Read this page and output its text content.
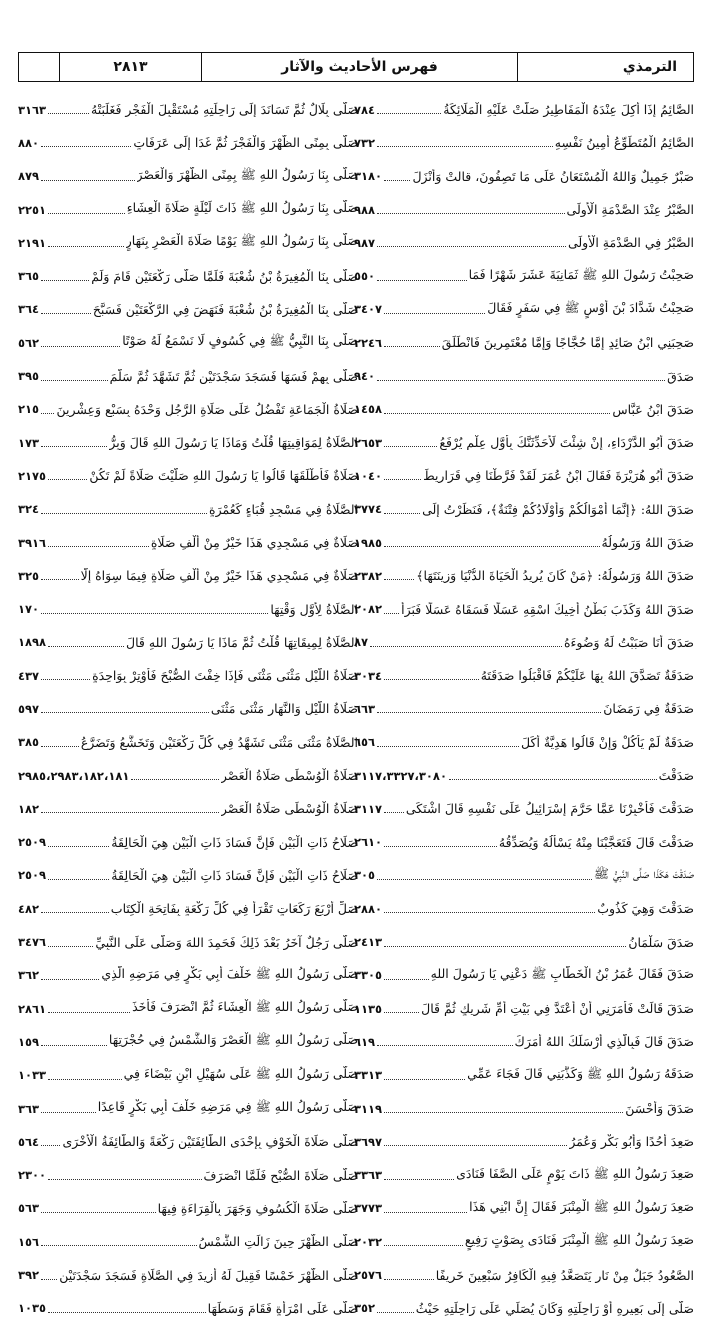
الترمذي
فهرس الأحاديث والآثار
٢٨١٣
الصَّائِمُ إِذَا أُكِلَ عِنْدَهُ الْمَفَاطِيرُ صَلَّتْ عَلَيْهِ الْمَلَائِكَةُ
٧٨٤
الصَّائِمُ الْمُتَطَوِّعُ أَمِينُ نَفْسِهِ
٧٣٢
صَبْرٌ جَمِيلٌ وَاللهُ الْمُسْتَعَانُ عَلَى مَا تَصِفُونَ، قالتْ وَأَنْزَلَ
٣١٨٠
الصَّبْرُ عِنْدَ الصَّدْمَةِ الْأُولَى
٩٨٨
الصَّبْرُ فِي الصَّدْمَةِ الْأُولَى
٩٨٧
صَحِبْتُ رَسُولَ اللهِ ﷺ ثَمَانِيَةَ عَشَرَ شَهْرًا فَمَا
٥٥٠
صَحِبْتُ شَدَّادَ بْنَ أَوْسٍ ﷺ فِي سَفَرٍ فَقَالَ
٣٤٠٧
صَحِبَنِي ابْنُ صَائِدٍ إِمَّا حُجَّاجًا وَإِمَّا مُعْتَمِرِينَ فَانْطَلَقَ
٢٢٤٦
صَدَقَ
٩٤٠
صَدَقَ ابْنُ عَبَّاسٍ
١٤٥٨
صَدَقَ أَبُو الدَّرْدَاءِ، إِنْ شِئْتَ لَأُحَدِّثَنَّكَ بِأَوَّلِ عِلْمٍ يُرْفَعُ
٢٦٥٣
صَدَقَ أَبُو هُرَيْرَةَ فَقَالَ ابْنُ عُمَرَ لَقَدْ فَرَّطْنَا فِي قَرَارِيطَ
١٠٤٠
صَدَقَ اللهُ: ﴿إِنَّمَا أَمْوَالُكُمْ وَأَوْلَادُكُمْ فِتْنَةٌ﴾، فَنَظَرْتُ إِلَى
٣٧٧٤
صَدَقَ اللهُ وَرَسُولُهُ
١٩٨٥
صَدَقَ اللهُ وَرَسُولُهُ: ﴿مَنْ كَانَ يُرِيدُ الْحَيَاةَ الدُّنْيَا وَزِينَتَهَا﴾
٢٣٨٢
صَدَقَ اللهُ وَكَذَبَ بَطْنُ أَخِيكَ اسْقِهِ عَسَلًا فَسَقَاهُ عَسَلًا فَبَرَأَ
٢٠٨٢
صَدَقَ أَنَا صَبَبْتُ لَهُ وَضُوءَهُ
٨٧
صَدَقَةٌ تَصَدَّقَ اللهُ بِهَا عَلَيْكُمْ فَاقْبَلُوا صَدَقَتَهُ
٣٠٣٤
صَدَقَةٌ فِي رَمَضَانَ
٦٦٣
صَدَقَةٌ لَمْ يَأْكُلْ وَإِنْ قَالُوا هَدِيَّةٌ أَكَلَ
٦٥٦
صَدَقْتَ
٣١١٧،٣٣٢٧،٣٠٨٠
صَدَقْتَ فَأَخْبِرْنَا عَمَّا حَرَّمَ إِسْرَائِيلُ عَلَى نَفْسِهِ قَالَ اشْتَكَى
٣١١٧
صَدَقْتَ قَالَ فَتَعَجَّبْنَا مِنْهُ يَسْأَلُهُ وَيُصَدِّقُهُ
٢٦١٠
صَدَقْتَ هَكَذَا صَلَّى النَّبِيُّ ﷺ
٣٠٥
صَدَقْتَ وَهِيَ كَذُوبٌ
٢٨٨٠
صَدَقَ سَلْمَانُ
٢٤١٣
صَدَقَ فَقَالَ عُمَرُ بْنُ الْخَطَّابِ ﷺ دَعْنِي يَا رَسُولَ اللهِ
٣٣٠٥
صَدَقَ قَالَتْ فَأَمَرَنِي أَنْ أَعْتَدَّ فِي بَيْتِ أُمِّ شَرِيكٍ ثُمَّ قَالَ
١١٣٥
صَدَقَ قَالَ فَبِالَّذِي أَرْسَلَكَ اللهُ أَمَرَكَ
٦١٩
صَدَقَهُ رَسُولُ اللهِ ﷺ وَكَذَّبَنِي قَالَ فَجَاءَ عَمِّي
٣٣١٣
صَدَقَ وَأَحْسَنَ
٣١١٩
صَعِدَ أُحُدًا وَأَبُو بَكْرٍ وَعُمَرُ
٣٦٩٧
صَعِدَ رَسُولُ اللهِ ﷺ ذَاتَ يَوْمٍ عَلَى الصَّفَا فَنَادَى
٣٣٦٣
صَعِدَ رَسُولُ اللهِ ﷺ الْمِنْبَرَ فَقَالَ إِنَّ ابْنِي هَذَا
٣٧٧٣
صَعِدَ رَسُولُ اللهِ ﷺ الْمِنْبَرَ فَنَادَى بِصَوْتٍ رَفِيعٍ
٢٠٣٢
الصَّعُودُ جَبَلٌ مِنْ نَارٍ يَتَصَعَّدُ فِيهِ الْكَافِرُ سَبْعِينَ خَرِيفًا
٢٥٧٦
صَلَّى إِلَى بَعِيرِهِ أَوْ رَاحِلَتِهِ وَكَانَ يُصَلِّي عَلَى رَاحِلَتِهِ حَيْثُ
٣٥٢
صَلَّى بِلَالٌ ثُمَّ تَسَانَدَ إِلَى رَاحِلَتِهِ مُسْتَقْبِلَ الْفَجْرِ فَغَلَبَتْهُ
٣١٦٣
صَلَّى بِمِنًى الظُّهْرَ وَالْفَجْرَ ثُمَّ غَدَا إِلَى عَرَفَاتٍ
٨٨٠
صَلَّى بِنَا رَسُولُ اللهِ ﷺ بِمِنًى الظُّهْرَ وَالْعَصْرَ
٨٧٩
صَلَّى بِنَا رَسُولُ اللهِ ﷺ ذَاتَ لَيْلَةٍ صَلَاةَ الْعِشَاءِ
٢٢٥١
صَلَّى بِنَا رَسُولُ اللهِ ﷺ يَوْمًا صَلَاةَ الْعَصْرِ بِنَهَارٍ
٢١٩١
صَلَّى بِنَا الْمُغِيرَةُ بْنُ شُعْبَةَ فَلَمَّا صَلَّى رَكْعَتَيْنِ قَامَ وَلَمْ
٣٦٥
صَلَّى بِنَا الْمُغِيرَةُ بْنُ شُعْبَةَ فَنَهَضَ فِي الرَّكْعَتَيْنِ فَسَبَّحَ
٣٦٤
صَلَّى بِنَا النَّبِيُّ ﷺ فِي كُسُوفٍ لَا نَسْمَعُ لَهُ صَوْتًا
٥٦٢
صَلَّى بِهِمْ فَسَهَا فَسَجَدَ سَجْدَتَيْنِ ثُمَّ تَشَهَّدَ ثُمَّ سَلَّمَ
٣٩٥
صَلَاةُ الْجَمَاعَةِ تَفْضُلُ عَلَى صَلَاةِ الرَّجُلِ وَحْدَهُ بِسَبْعٍ وَعِشْرِينَ
٢١٥
الصَّلَاةُ لِمَوَاقِيتِهَا قُلْتُ وَمَاذَا يَا رَسُولَ اللهِ قَالَ وَبِرُّ
١٧٣
صَلَاةٌ فَأَطْلَقَهَا قَالُوا يَا رَسُولَ اللهِ صَلَّيْتَ صَلَاةً لَمْ تَكُنْ
٢١٧٥
الصَّلَاةُ فِي مَسْجِدِ قُبَاءٍ كَعُمْرَةٍ
٣٢٤
صَلَاةٌ فِي مَسْجِدِي هَذَا خَيْرٌ مِنْ أَلْفِ صَلَاةٍ
٣٩١٦
صَلَاةٌ فِي مَسْجِدِي هَذَا خَيْرٌ مِنْ أَلْفِ صَلَاةٍ فِيمَا سِوَاهُ إِلَّا
٣٢٥
الصَّلَاةُ لِأَوَّلِ وَقْتِهَا
١٧٠
الصَّلَاةُ لِمِيقَاتِهَا قُلْتُ ثُمَّ مَاذَا يَا رَسُولَ اللهِ قَالَ
١٨٩٨
صَلَاةُ اللَّيْلِ مَثْنَى مَثْنَى فَإِذَا خِفْتَ الصُّبْحَ فَأَوْتِرْ بِوَاحِدَةٍ
٤٣٧
صَلَاةُ اللَّيْلِ وَالنَّهَارِ مَثْنَى مَثْنَى
٥٩٧
الصَّلَاةُ مَثْنَى مَثْنَى تَشَهَّدُ فِي كُلِّ رَكْعَتَيْنِ وَتَخَشَّعُ وَتَضَرَّعُ
٣٨٥
صَلَاةُ الْوُسْطَى صَلَاةُ الْعَصْرِ
٢٩٨٥،٢٩٨٣،١٨٢،١٨١
صَلَاةُ الْوُسْطَى صَلَاةُ الْعَصْرِ
١٨٢
صَلَاحُ ذَاتِ الْبَيْنِ فَإِنَّ فَسَادَ ذَاتِ الْبَيْنِ هِيَ الْحَالِقَةُ
٢٥٠٩
صَلَاحُ ذَاتِ الْبَيْنِ فَإِنَّ فَسَادَ ذَاتِ الْبَيْنِ هِيَ الْحَالِقَةُ
٢٥٠٩
صَلِّ أَرْبَعَ رَكَعَاتٍ تَقْرَأُ فِي كُلِّ رَكْعَةٍ بِفَاتِحَةِ الْكِتَابِ
٤٨٢
صَلَّى رَجُلٌ آخَرُ بَعْدَ ذَلِكَ فَحَمِدَ اللهَ وَصَلَّى عَلَى النَّبِيِّ
٣٤٧٦
صَلَّى رَسُولُ اللهِ ﷺ خَلْفَ أَبِي بَكْرٍ فِي مَرَضِهِ الَّذِي
٣٦٢
صَلَّى رَسُولُ اللهِ ﷺ الْعِشَاءَ ثُمَّ انْصَرَفَ فَأَخَذَ
٢٨٦١
صَلَّى رَسُولُ اللهِ ﷺ الْعَصْرَ وَالشَّمْسُ فِي حُجْرَتِهَا
١٥٩
صَلَّى رَسُولُ اللهِ ﷺ عَلَى سُهَيْلِ ابْنِ بَيْضَاءَ فِي
١٠٣٣
صَلَّى رَسُولُ اللهِ ﷺ فِي مَرَضِهِ خَلْفَ أَبِي بَكْرٍ قَاعِدًا
٣٦٣
صَلَّى صَلَاةَ الْخَوْفِ بِإِحْدَى الطَّائِفَتَيْنِ رَكْعَةً وَالطَّائِفَةُ الْأُخْرَى
٥٦٤
صَلَّى صَلَاةَ الصُّبْحِ فَلَمَّا انْصَرَفَ
٢٣٠٠
صَلَّى صَلَاةَ الْكُسُوفِ وَجَهَرَ بِالْقِرَاءَةِ فِيهَا
٥٦٣
صَلَّى الظُّهْرَ حِينَ زَالَتِ الشَّمْسُ
١٥٦
صَلَّى الظُّهْرَ خَمْسًا فَقِيلَ لَهُ أَزِيدَ فِي الصَّلَاةِ فَسَجَدَ سَجْدَتَيْنِ
٣٩٢
صَلَّى عَلَى امْرَأَةٍ فَقَامَ وَسَطَهَا
١٠٣٥
